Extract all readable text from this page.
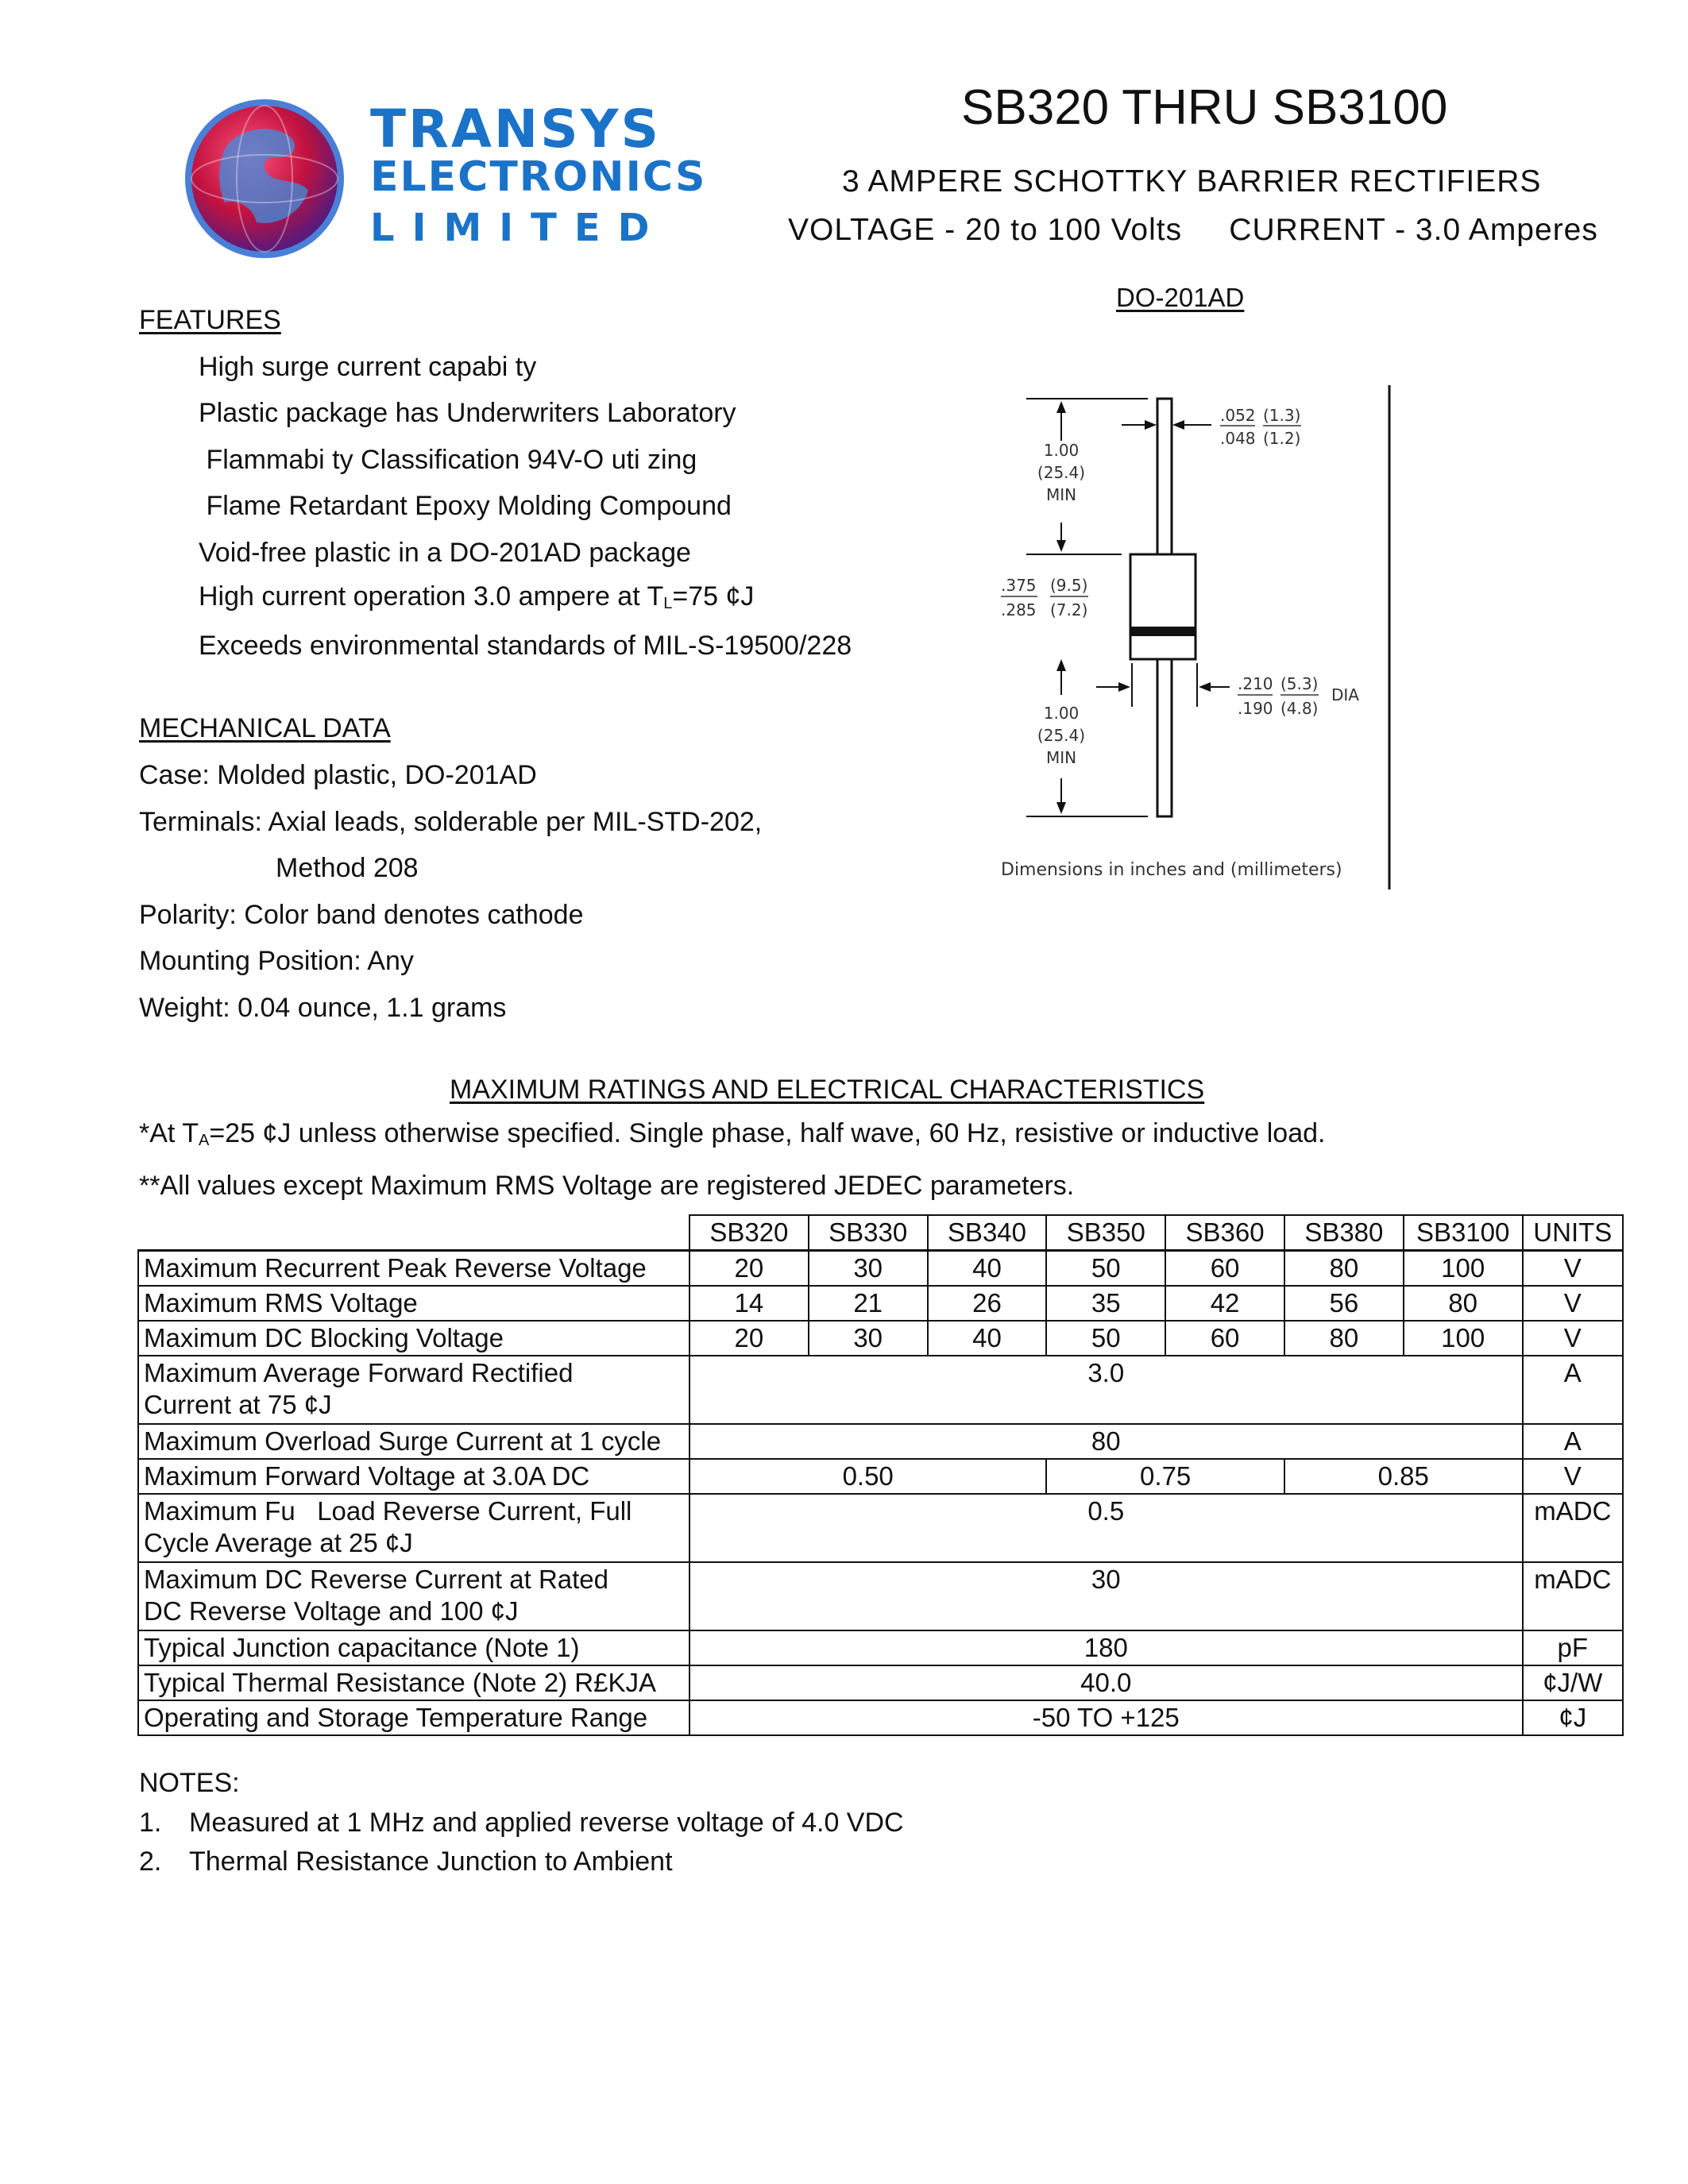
TRANSYS
ELECTRONICS
LIMITED
SB320 THRU SB3100
3 AMPERE SCHOTTKY BARRIER RECTIFIERS
VOLTAGE - 20 to 100 Volts     CURRENT - 3.0 Amperes
FEATURES
High surge current capabi ty
Plastic package has Underwriters Laboratory
Flammabi ty Classification 94V-O uti zing
Flame Retardant Epoxy Molding Compound
Void-free plastic in a DO-201AD package
High current operation 3.0 ampere at $T_L=75$ ¢J
Exceeds environmental standards of MIL-S-19500/228
MECHANICAL DATA
Case: Molded plastic, DO-201AD
Terminals: Axial leads, solderable per MIL-STD-202,
Method 208
Polarity: Color band denotes cathode
Mounting Position: Any
Weight: 0.04 ounce, 1.1 grams
DO-201AD
1.00
(25.4)
MIN
.052 (1.3)
.048 (1.2)
.375 (9.5)
.285 (7.2)
1.00
(25.4)
MIN
.210 (5.3)
.190 (4.8)
DIA
Dimensions in inches and (millimeters)
MAXIMUM RATINGS AND ELECTRICAL CHARACTERISTICS
*At $T_A=25$ ¢J unless otherwise specified. Single phase, half wave, 60 Hz, resistive or inductive load.
**All values except Maximum RMS Voltage are registered JEDEC parameters.
	SB320	SB330	SB340	SB350	SB360	SB380	SB3100	UNITS
Maximum Recurrent Peak Reverse Voltage	20	30	40	50	60	80	100	V
Maximum RMS Voltage	14	21	26	35	42	56	80	V
Maximum DC Blocking Voltage	20	30	40	50	60	80	100	V
Maximum Average Forward Rectified
Current at 75 ¢J	3.0							A
Maximum Overload Surge Current at 1 cycle	80							A
Maximum Forward Voltage at 3.0A DC	0.50			0.75		0.85		V
Maximum Fu   Load Reverse Current, Full
Cycle Average at 25 ¢J	0.5							mADC
Maximum DC Reverse Current at Rated
DC Reverse Voltage and 100 ¢J	30							mADC
Typical Junction capacitance (Note 1)	180							pF
Typical Thermal Resistance (Note 2) R£KJA	40.0							¢J/W
Operating and Storage Temperature Range	-50 TO +125							¢J
NOTES:
1. Measured at 1 MHz and applied reverse voltage of 4.0 VDC
2. Thermal Resistance Junction to Ambient
